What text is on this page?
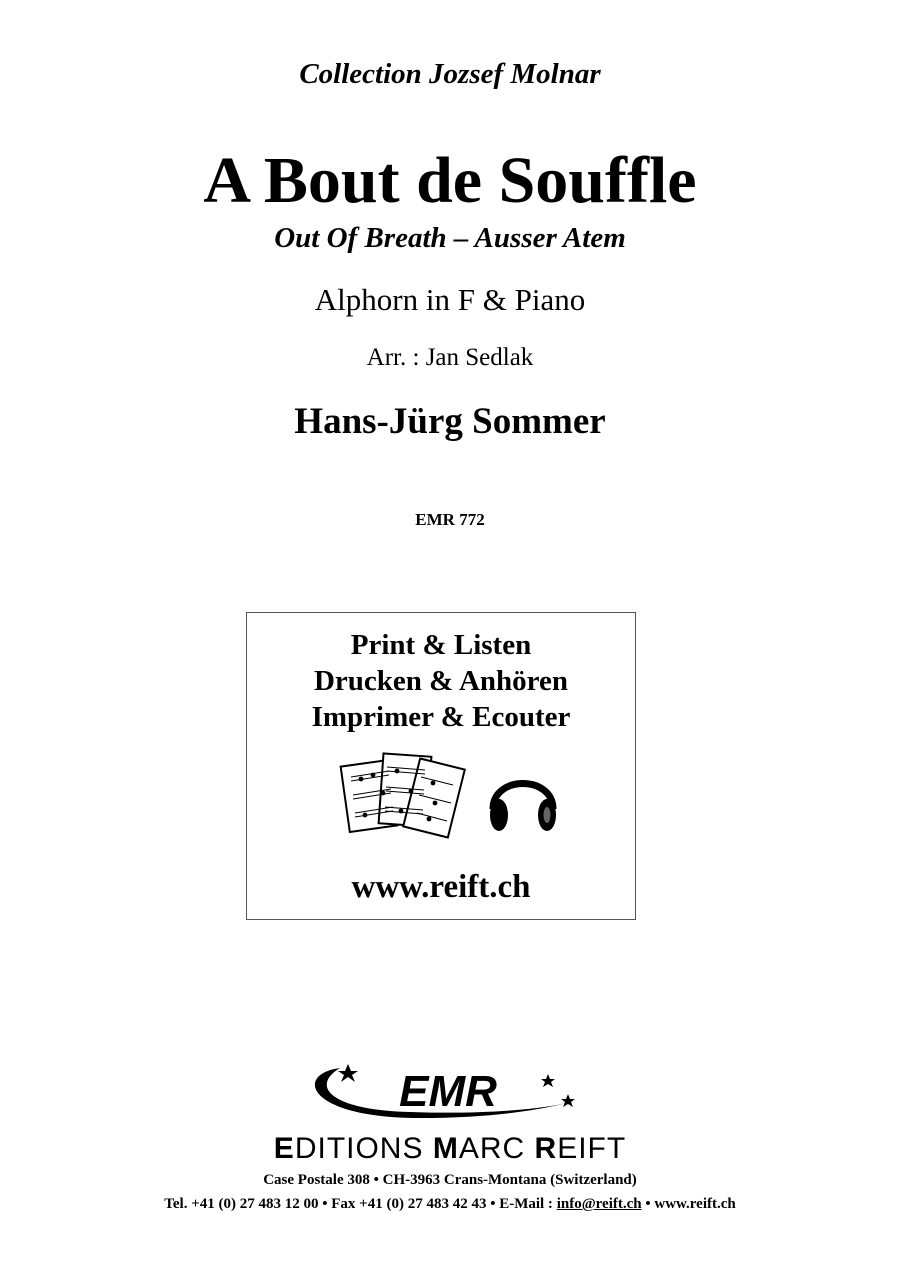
Collection Jozsef Molnar
A Bout de Souffle
Out Of Breath – Ausser Atem
Alphorn in F & Piano
Arr. : Jan Sedlak
Hans-Jürg Sommer
EMR 772
Print & Listen
Drucken & Anhören
Imprimer & Ecouter
www.reift.ch
EMR
EDITIONS MARC REIFT
Case Postale 308 • CH-3963 Crans-Montana (Switzerland)
Tel. +41 (0) 27 483 12 00 • Fax +41 (0) 27 483 42 43 • E-Mail : info@reift.ch • www.reift.ch
